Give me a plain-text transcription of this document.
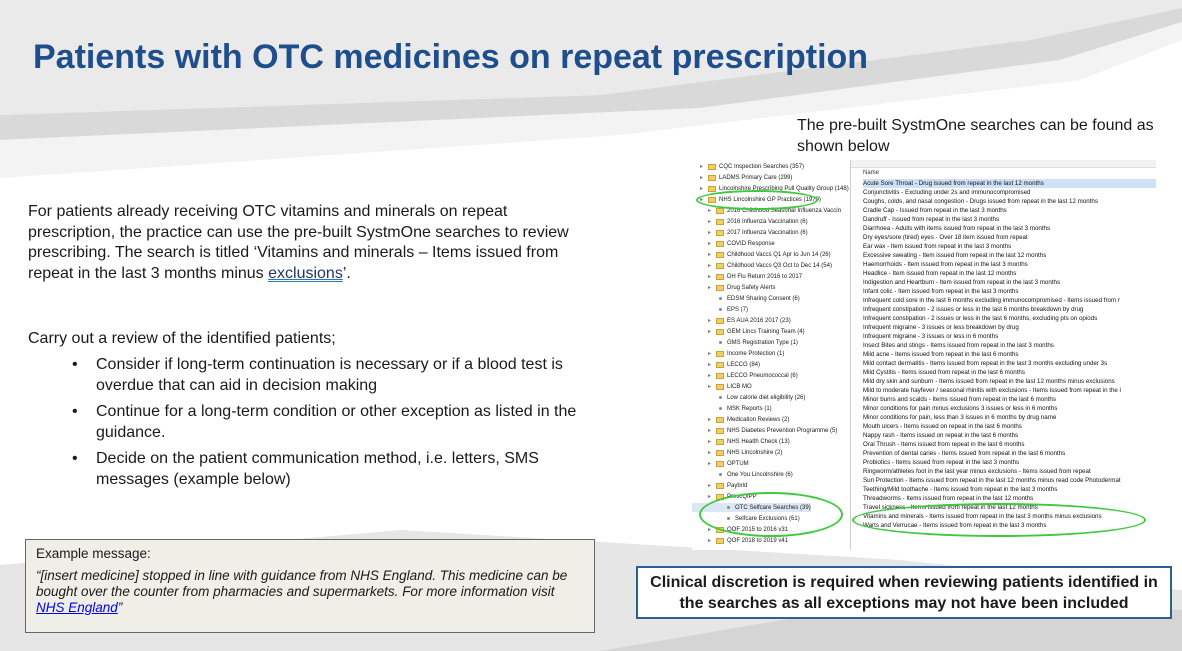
Patients with OTC medicines on repeat prescription

For patients already receiving OTC vitamins and minerals on repeat prescription, the practice can use the pre-built SystmOne searches to review prescribing. The search is titled ‘Vitamins and minerals – Items issued from repeat in the last 3 months minus exclusions’.

Carry out a review of the identified patients;

• Consider if long-term continuation is necessary or if a blood test is overdue that can aid in decision making
• Continue for a long-term condition or other exception as listed in the guidance.
• Decide on the patient communication method, i.e. letters, SMS messages (example below)
Example message:
“[insert medicine] stopped in line with guidance from NHS England. This medicine can be bought over the counter from pharmacies and supermarkets. For more information visit NHS England”

The pre-built SystmOne searches can be found as shown below

▸	CQC Inspection Searches (357)
▸	LADMS Primary Care (299)
▸	Lincolnshire Prescribing Pull Quality Group (148)
▸	NHS Lincolnshire GP Practices (1979)
▸	2016 Childhood Seasonal Influenza Vaccin
▸	2016 Influenza Vaccination (6)
▸	2017 Influenza Vaccination (6)
▸	COVID Response
▸	Childhood Vaccs Q1 Apr to Jun 14 (26)
▸	Childhood Vaccs Q3 Oct to Dec 14 (54)
▸	DH Flu Return 2016 to 2017
▸	Drug Safety Alerts
EDSM Sharing Consent (6)
EPS (7)
▸	ES AUA 2016 2017 (23)
▸	GEM Lincs Training Team (4)
GMS Registration Type (1)
▸	Income Protection (1)
▸	LECCG (84)
▸	LECCG Pneumococcal (6)
▸	LICB MO
Low calorie diet eligibility (26)
MSK Reports (1)
▸	Medication Reviews (2)
▸	NHS Diabetes Prevention Programme (5)
▸	NHS Health Check (13)
▸	NHS Lincolnshire (2)
▸	OPTUM
One You Lincolnshire (6)
▸	Paybrid
▸	PrescQIPP
OTC Selfcare Searches (39)
Selfcare Exclusions (61)
▸	QOF 2015 to 2016 v31
▸	QOF 2018 to 2019 v41
Name
Acute Sore Throat - Drug issued from repeat in the last 12 months
Conjunctivitis - Excluding under 2s and immunocompromised
Coughs, colds, and nasal congestion - Drugs issued from repeat in the last 12 months
Cradle Cap - Issued from repeat in the last 3 months
Dandruff - Issued from repeat in the last 3 months
Diarrhoea - Adults with items issued from repeat in the last 3 months
Dry eyes/sore (tired) eyes - Over 18 item issued from repeat
Ear wax - Item issued from repeat in the last 3 months
Excessive sweating - Item issued from repeat in the last 12 months
Haemorrhoids - Item issued from repeat in the last 3 months
Headlice - Item issued from repeat in the last 12 months
Indigestion and Heartburn - Item issued from repeat in the last 3 months
Infant colic - Item issued from repeat in the last 3 months
Infrequent cold sore in the last 6 months excluding immunocompromised - Items issued from r
Infrequent constipation - 2 issues or less in the last 6 months breakdown by drug
Infrequent constipation - 2 issues or less in the last 6 months, excluding pts on opiods
Infrequent migraine - 3 issues or less breakdown by drug
Infrequent migraine - 3 issues or less in 6 months
Insect Bites and stings - Items issued from repeat in the last 3 months
Mild acne - Items issued from repeat in the last 6 months
Mild contact dermatitis - Items issued from repeat in the last 3 months excluding under 3s
Mild Cystitis - Items issued from repeat in the last 6 months
Mild dry skin and sunburn - Items issued from repeat in the last 12 months minus exclusions
Mild to moderate hayfever / seasonal rhinitis with exclusions - Items issued from repeat in the l
Minor burns and scalds - Items issued from repeat in the last 6 months
Minor conditions for pain minus exclusions 3 issues or less in 6 months
Minor conditions for pain, less than 3 issues in 6 months by drug name
Mouth ulcers - Items issued on repeat in the last 6 months
Nappy rash - Items issued on repeat in the last 6 months
Oral Thrush - Items issued from repeat in the last 6 months
Prevention of dental caries - Items issued from repeat in the last 6 months
Probiotics - Items issued from repeat in the last 3 months
Ringworm/athletes foot in the last year minus exclusions - Items issued from repeat
Sun Protection - Items issued from repeat in the last 12 months minus read code Photodermat
Teething/Mild toothache - Items issued from repeat in the last 3 months
Threadworms - Items issued from repeat in the last 12 months
Travel sickness - Items issued from repeat in the last 12 months
Vitamins and minerals - Items issued from repeat in the last 3 months minus exclusions
Warts and Verrucae - Items issued from repeat in the last 3 months
Clinical discretion is required when reviewing patients identified in the searches as all exceptions may not have been included
